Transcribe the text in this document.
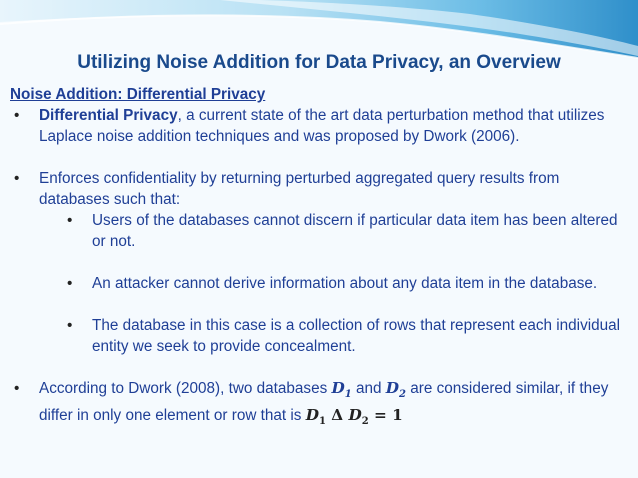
Utilizing Noise Addition for Data Privacy, an Overview
Noise Addition: Differential Privacy
• Differential Privacy, a current state of the art data perturbation method that utilizes Laplace noise addition techniques and was proposed by Dwork (2006).
• Enforces confidentiality by returning perturbed aggregated query results from databases such that:
• Users of the databases cannot discern if particular data item has been altered or not.
• An attacker cannot derive information about any data item in the database.
• The database in this case is a collection of rows that represent each individual entity we seek to provide concealment.
• According to Dwork (2008), two databases $D_1$ and $D_2$ are considered similar, if they differ in only one element or row that is $D_1$ Δ $D_2 = 1$
